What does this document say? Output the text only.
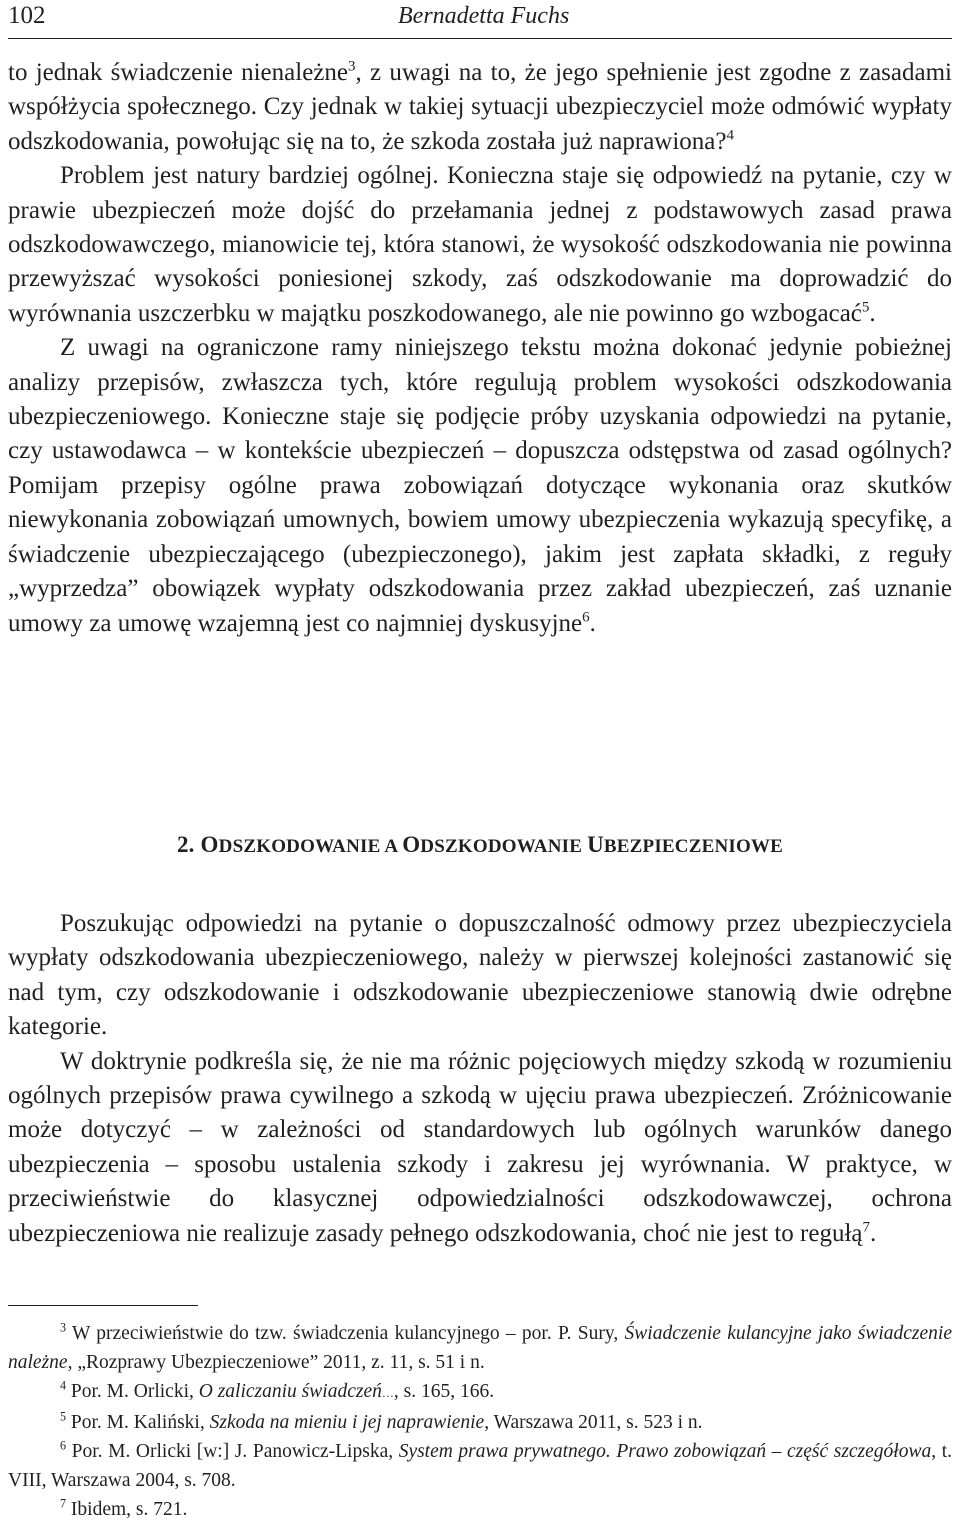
102	Bernadetta Fuchs

to jednak świadczenie nienależne$^3$, z uwagi na to, że jego spełnienie jest zgodne z zasadami współżycia społecznego. Czy jednak w takiej sytuacji ubezpieczyciel może odmówić wypłaty odszkodowania, powołując się na to, że szkoda została już naprawiona?$^4$

Problem jest natury bardziej ogólnej. Konieczna staje się odpowiedź na pytanie, czy w prawie ubezpieczeń może dojść do przełamania jednej z podstawowych zasad prawa odszkodowawczego, mianowicie tej, która stanowi, że wysokość odszkodowania nie powinna przewyższać wysokości poniesionej szkody, zaś odszkodowanie ma doprowadzić do wyrównania uszczerbku w majątku poszkodowanego, ale nie powinno go wzbogacać$^5$.

Z uwagi na ograniczone ramy niniejszego tekstu można dokonać jedynie pobieżnej analizy przepisów, zwłaszcza tych, które regulują problem wysokości odszkodowania ubezpieczeniowego. Konieczne staje się podjęcie próby uzyskania odpowiedzi na pytanie, czy ustawodawca – w kontekście ubezpieczeń – dopuszcza odstępstwa od zasad ogólnych? Pomijam przepisy ogólne prawa zobowiązań dotyczące wykonania oraz skutków niewykonania zobowiązań umownych, bowiem umowy ubezpieczenia wykazują specyfikę, a świadczenie ubezpieczającego (ubezpieczonego), jakim jest zapłata składki, z reguły „wyprzedza” obowiązek wypłaty odszkodowania przez zakład ubezpieczeń, zaś uznanie umowy za umowę wzajemną jest co najmniej dyskusyjne$^6$.

2. ODSZKODOWANIE A ODSZKODOWANIE UBEZPIECZENIOWE

Poszukując odpowiedzi na pytanie o dopuszczalność odmowy przez ubezpieczyciela wypłaty odszkodowania ubezpieczeniowego, należy w pierwszej kolejności zastanowić się nad tym, czy odszkodowanie i odszkodowanie ubezpieczeniowe stanowią dwie odrębne kategorie.

W doktrynie podkreśla się, że nie ma różnic pojęciowych między szkodą w rozumieniu ogólnych przepisów prawa cywilnego a szkodą w ujęciu prawa ubezpieczeń. Zróżnicowanie może dotyczyć – w zależności od standardowych lub ogólnych warunków danego ubezpieczenia – sposobu ustalenia szkody i zakresu jej wyrównania. W praktyce, w przeciwieństwie do klasycznej odpowiedzialności odszkodowawczej, ochrona ubezpieczeniowa nie realizuje zasady pełnego odszkodowania, choć nie jest to regułą$^7$.

$^3$ W przeciwieństwie do tzw. świadczenia kulancyjnego – por. P. Sury, Świadczenie kulancyjne jako świadczenie należne, „Rozprawy Ubezpieczeniowe” 2011, z. 11, s. 51 i n.

$^4$ Por. M. Orlicki, O zaliczaniu świadczeń…, s. 165, 166.

$^5$ Por. M. Kaliński, Szkoda na mieniu i jej naprawienie, Warszawa 2011, s. 523 i n.

$^6$ Por. M. Orlicki [w:] J. Panowicz-Lipska, System prawa prywatnego. Prawo zobowiązań – część szczegółowa, t. VIII, Warszawa 2004, s. 708.

$^7$ Ibidem, s. 721.
